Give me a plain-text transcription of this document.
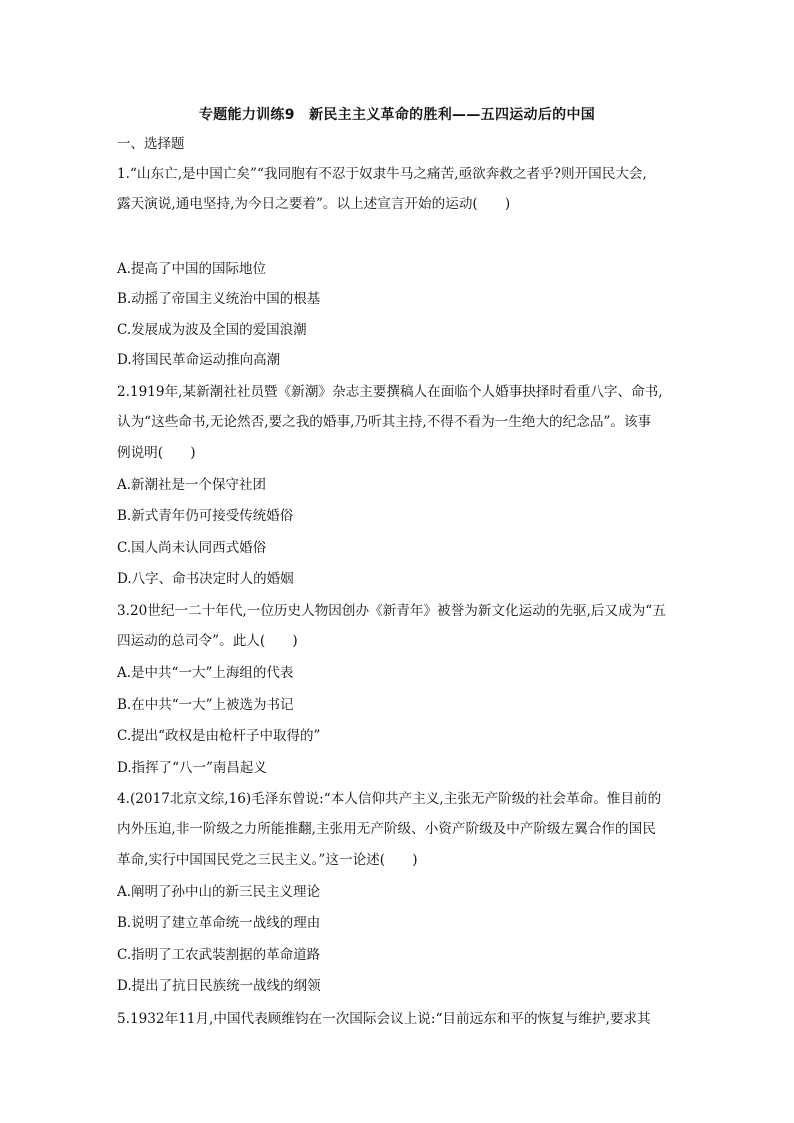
专题能力训练9　新民主主义革命的胜利——五四运动后的中国
一、选择题
1.“山东亡,是中国亡矣”“我同胞有不忍于奴隶牛马之痛苦,亟欲奔救之者乎?则开国民大会,
露天演说,通电坚持,为今日之要着”。以上述宣言开始的运动(　　)
A.提高了中国的国际地位
B.动摇了帝国主义统治中国的根基
C.发展成为波及全国的爱国浪潮
D.将国民革命运动推向高潮
2.1919年,某新潮社社员暨《新潮》杂志主要撰稿人在面临个人婚事抉择时看重八字、命书,
认为“这些命书,无论然否,要之我的婚事,乃听其主持,不得不看为一生绝大的纪念品”。该事
例说明(　　)
A.新潮社是一个保守社团
B.新式青年仍可接受传统婚俗
C.国人尚未认同西式婚俗
D.八字、命书决定时人的婚姻
3.20世纪一二十年代,一位历史人物因创办《新青年》被誉为新文化运动的先驱,后又成为“五
四运动的总司令”。此人(　　)
A.是中共“一大”上海组的代表
B.在中共“一大”上被选为书记
C.提出“政权是由枪杆子中取得的”
D.指挥了“八一”南昌起义
4.(2017北京文综,16)毛泽东曾说:“本人信仰共产主义,主张无产阶级的社会革命。惟目前的
内外压迫,非一阶级之力所能推翻,主张用无产阶级、小资产阶级及中产阶级左翼合作的国民
革命,实行中国国民党之三民主义。”这一论述(　　)
A.阐明了孙中山的新三民主义理论
B.说明了建立革命统一战线的理由
C.指明了工农武装割据的革命道路
D.提出了抗日民族统一战线的纲领
5.1932年11月,中国代表顾维钧在一次国际会议上说:“目前远东和平的恢复与维护,要求其
